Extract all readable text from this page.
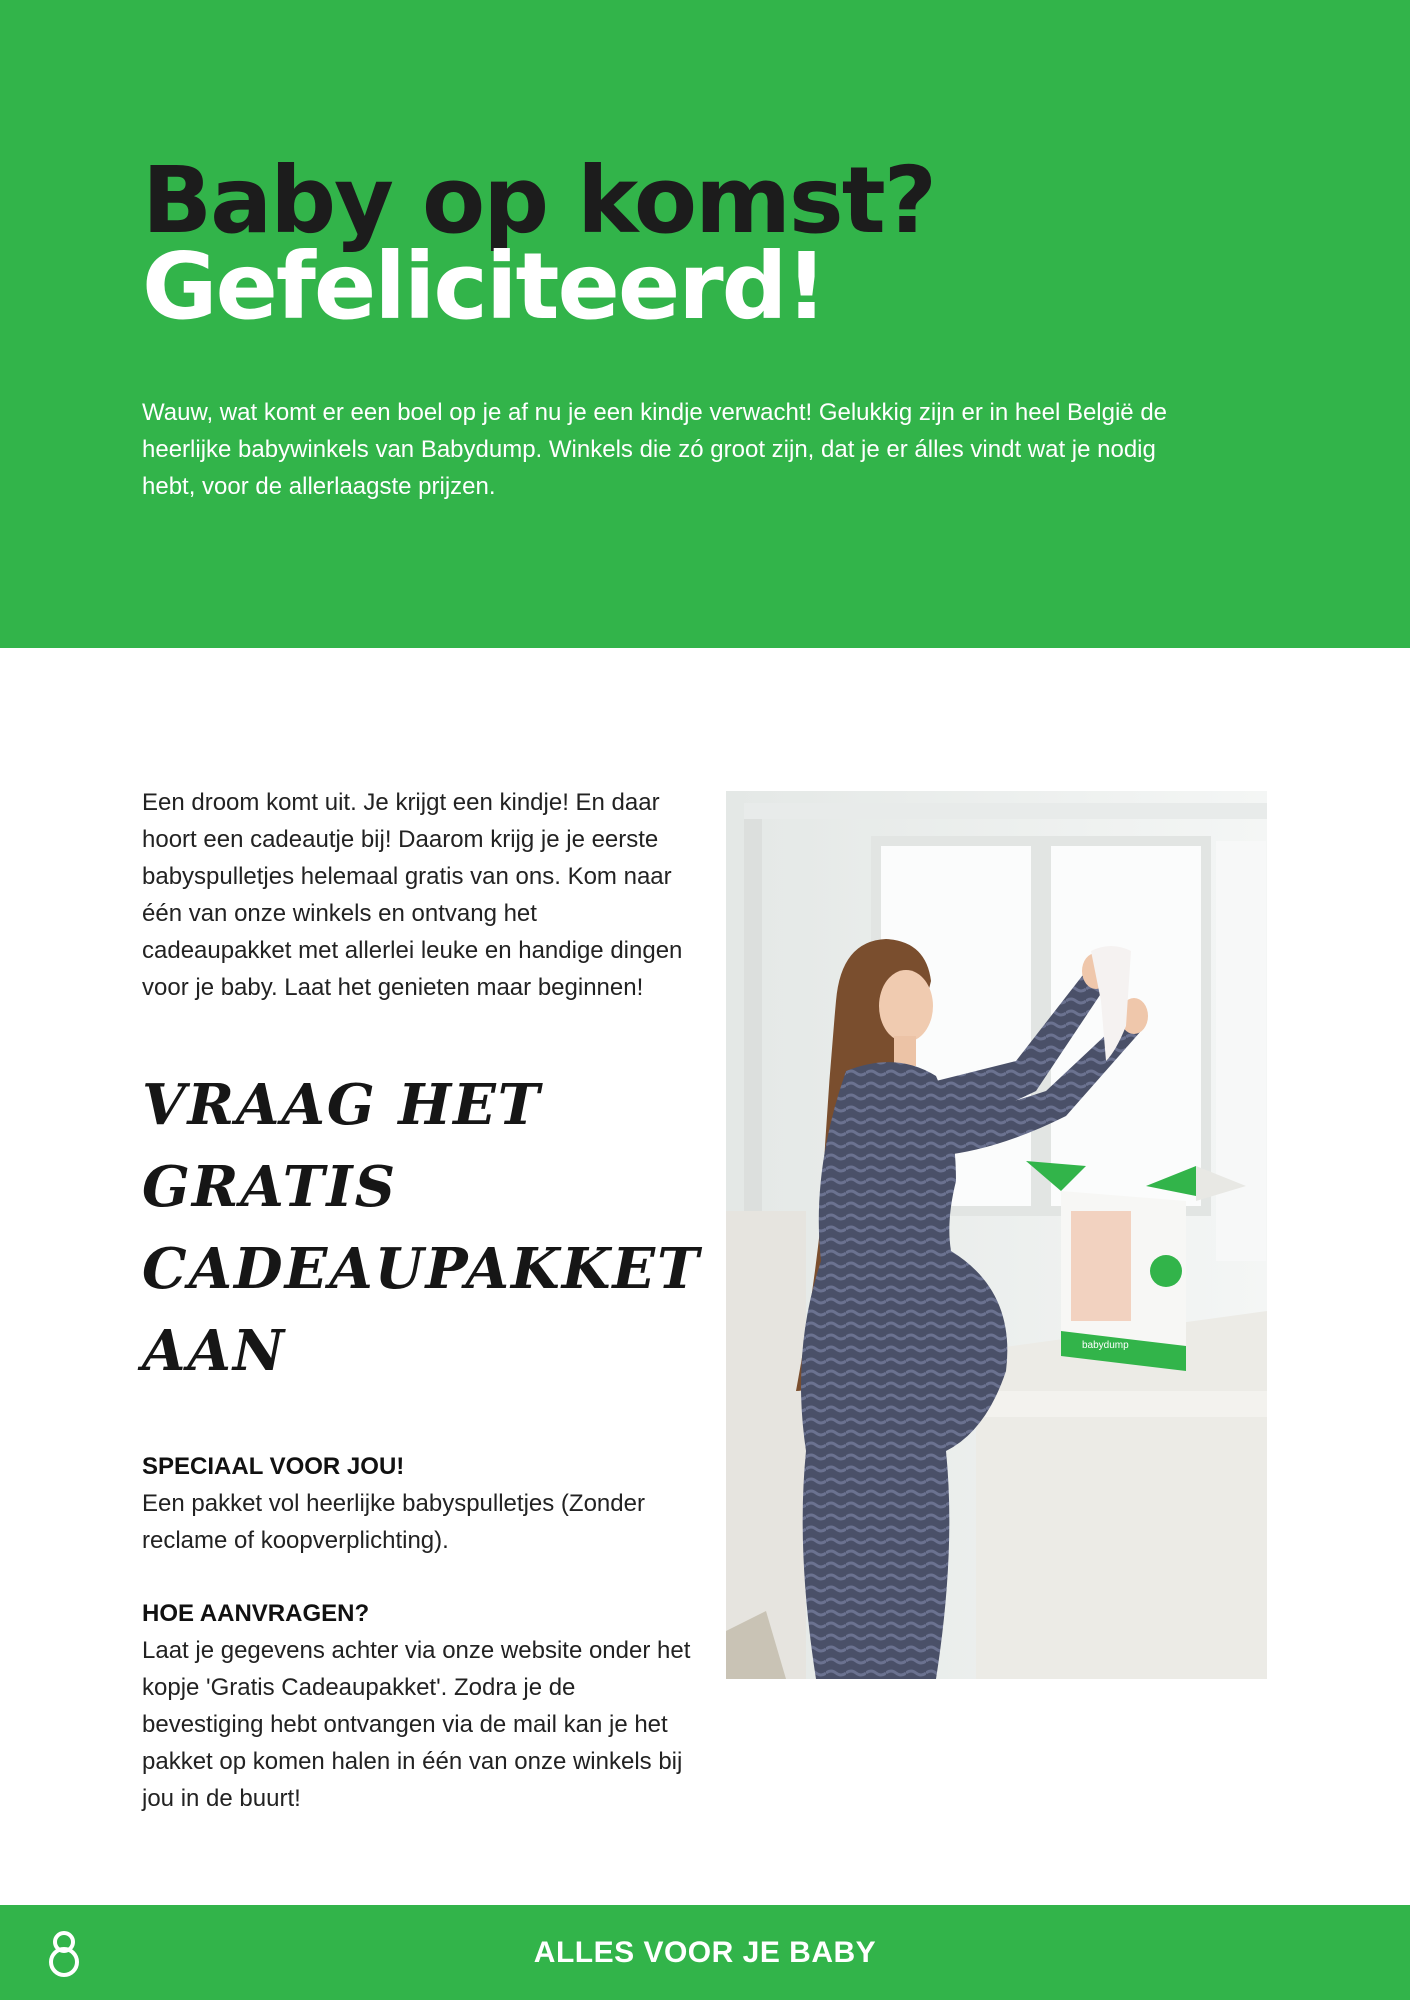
Baby op komst?
Gefeliciteerd!

Wauw, wat komt er een boel op je af nu je een kindje verwacht! Gelukkig zijn er in heel België de heerlijke babywinkels van Babydump. Winkels die zó groot zijn, dat je er álles vindt wat je nodig hebt, voor de allerlaagste prijzen.

Een droom komt uit. Je krijgt een kindje! En daar hoort een cadeautje bij! Daarom krijg je je eerste babyspulletjes helemaal gratis van ons. Kom naar één van onze winkels en ontvang het cadeaupakket met allerlei leuke en handige dingen voor je baby. Laat het genieten maar beginnen!

VRAAG HET GRATIS
CADEAUPAKKET AAN
SPECIAAL VOOR JOU!
Een pakket vol heerlijke babyspulletjes (Zonder reclame of koopverplichting).
HOE AANVRAGEN?
Laat je gegevens achter via onze website onder het kopje 'Gratis Cadeaupakket'. Zodra je de bevestiging hebt ontvangen via de mail kan je het pakket op komen halen in één van onze winkels bij jou in de buurt!
babydump
ALLES VOOR JE BABY
